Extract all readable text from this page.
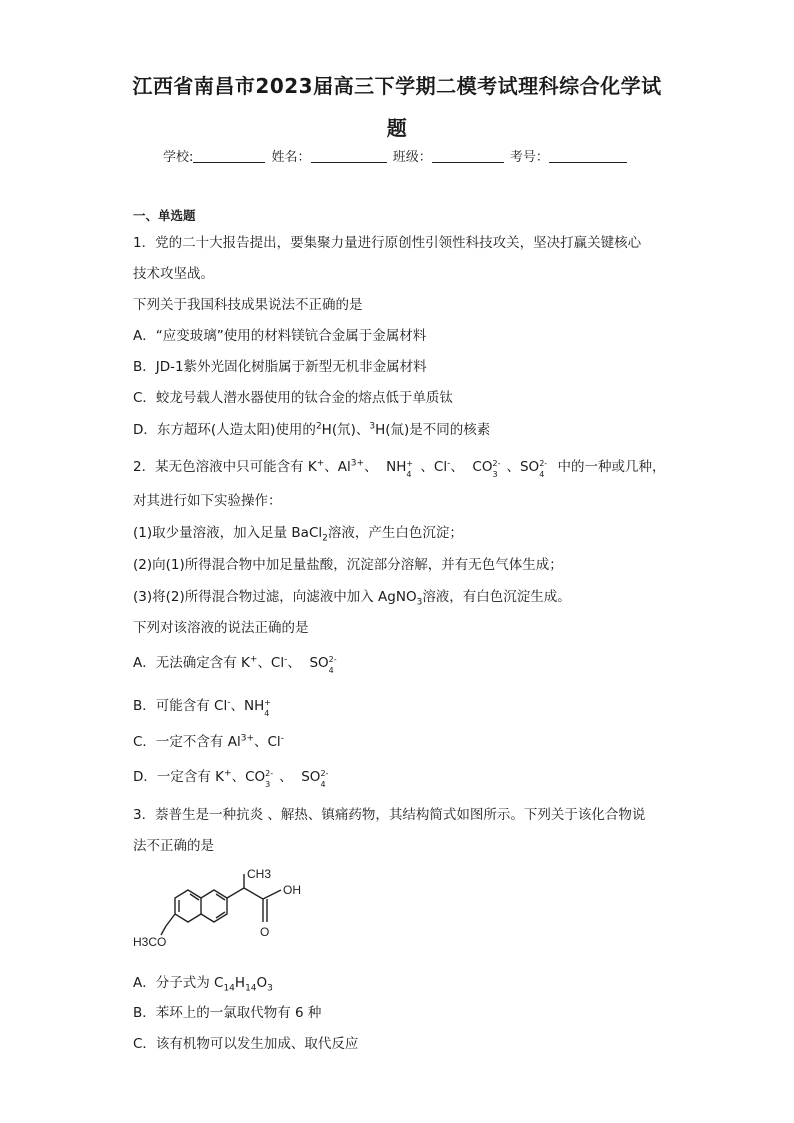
江西省南昌市2023届高三下学期二模考试理科综合化学试
题
学校:	姓名：	班级：	考号：
一、单选题
1．党的二十大报告提出，要集聚力量进行原创性引领性科技攻关，坚决打赢关键核心
技术攻坚战。
下列关于我国科技成果说法不正确的是
A．“应变玻璃”使用的材料镁钪合金属于金属材料
B．JD-1紫外光固化树脂属于新型无机非金属材料
C．蛟龙号载人潜水器使用的钛合金的熔点低于单质钛
D．东方超环(人造太阳)使用的$^2$H(氘)、$^3$H(氚)是不同的核素
2．某无色溶液中只可能含有 K+、$Al^{3+}$、  NH +
4 、Cl-、  CO 2-
3 、SO 2-
4 中的一种或几种，
对其进行如下实验操作：
(1)取少量溶液，加入足量 BaCl$_2$溶液，产生白色沉淀；
(2)向(1)所得混合物中加足量盐酸，沉淀部分溶解，并有无色气体生成；
(3)将(2)所得混合物过滤，向滤液中加入 AgNO$_3$溶液，有白色沉淀生成。
下列对该溶液的说法正确的是
A．无法确定含有 K+、Cl-、  SO 2-
4
B．可能含有 Cl-、NH +
4
C．一定不含有 $Al^{3+}$、Cl-
D．一定含有 K+、CO 2-
3 、  SO 2-
4
3．萘普生是一种抗炎 、解热、镇痛药物，其结构简式如图所示。下列关于该化合物说
法不正确的是
CH3
OH
O
H3CO
A．分子式为 $C_{14}H_{14}O_3$
B．苯环上的一氯取代物有 6 种
C．该有机物可以发生加成、取代反应
